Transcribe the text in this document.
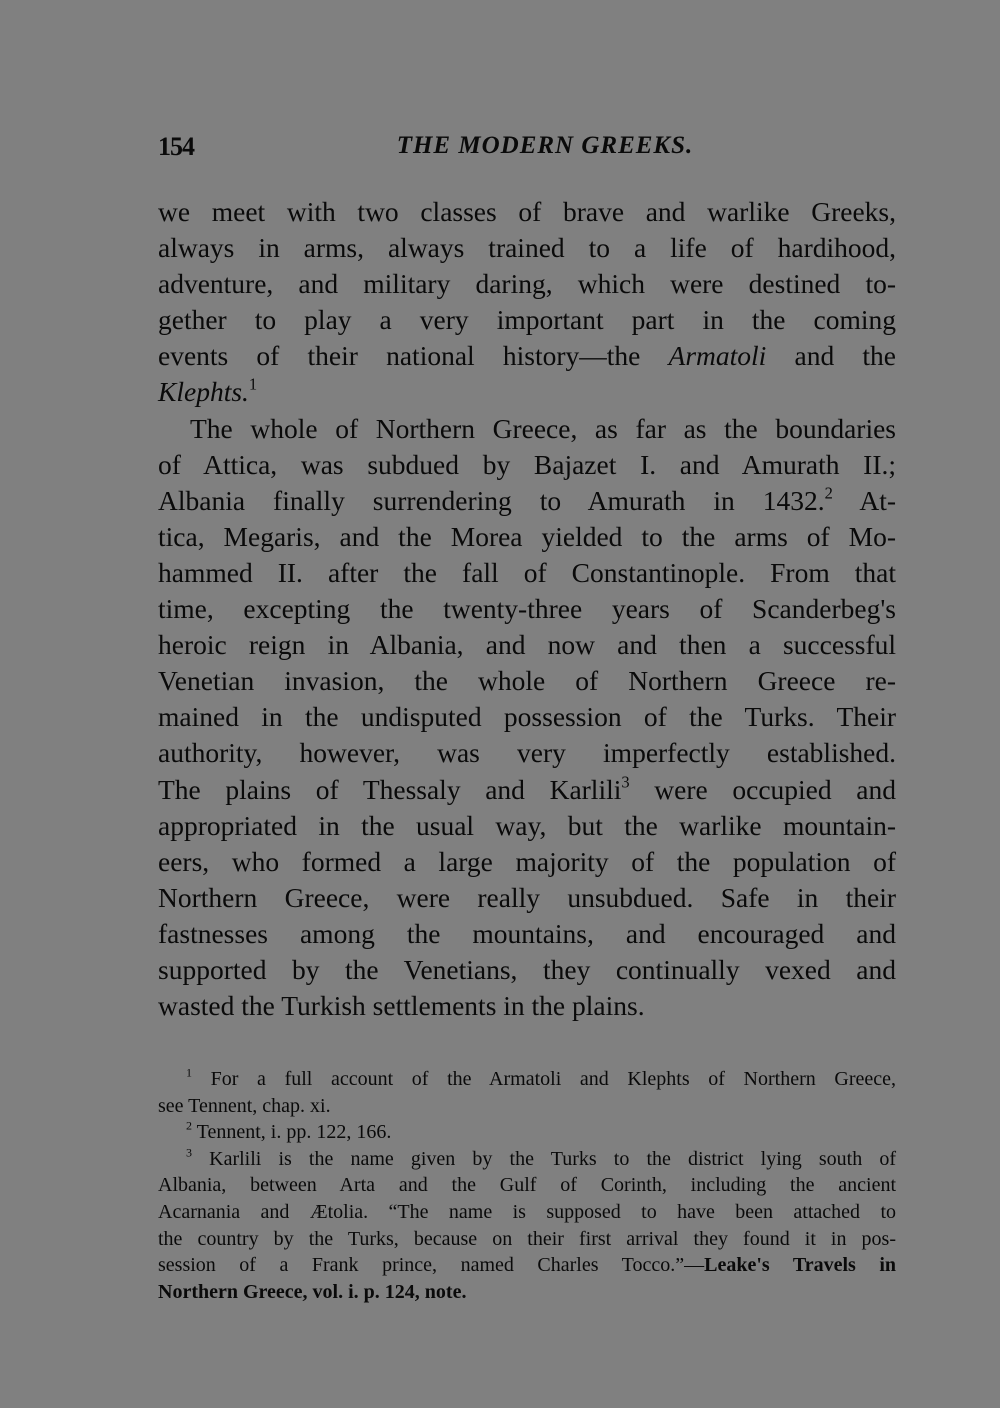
154	THE MODERN GREEKS.
we meet with two classes of brave and warlike Greeks,
always in arms, always trained to a life of hardihood,
adventure, and military daring, which were destined to-
gether to play a very important part in the coming
events of their national history—the Armatoli and the
Klephts.$^1$
The whole of Northern Greece, as far as the boundaries
of Attica, was subdued by Bajazet I. and Amurath II.;
Albania finally surrendering to Amurath in 1432.$^2$ At-
tica, Megaris, and the Morea yielded to the arms of Mo-
hammed II. after the fall of Constantinople. From that
time, excepting the twenty-three years of Scanderbeg's
heroic reign in Albania, and now and then a successful
Venetian invasion, the whole of Northern Greece re-
mained in the undisputed possession of the Turks. Their
authority, however, was very imperfectly established.
The plains of Thessaly and Karlili$^3$ were occupied and
appropriated in the usual way, but the warlike mountain-
eers, who formed a large majority of the population of
Northern Greece, were really unsubdued. Safe in their
fastnesses among the mountains, and encouraged and
supported by the Venetians, they continually vexed and
wasted the Turkish settlements in the plains.
$^1$ For a full account of the Armatoli and Klephts of Northern Greece,
see Tennent, chap. xi.
$^2$ Tennent, i. pp. 122, 166.
$^3$ Karlili is the name given by the Turks to the district lying south of
Albania, between Arta and the Gulf of Corinth, including the ancient
Acarnania and Ætolia. “The name is supposed to have been attached to
the country by the Turks, because on their first arrival they found it in pos-
session of a Frank prince, named Charles Tocco.”—Leake's Travels in
Northern Greece, vol. i. p. 124, note.
